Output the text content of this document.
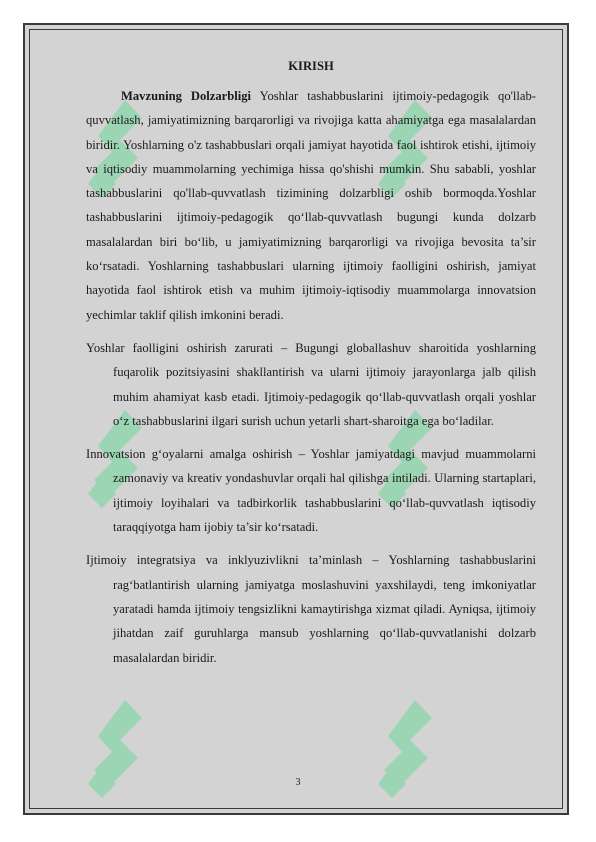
KIRISH

Mavzuning Dolzarbligi Yoshlar tashabbuslarini ijtimoiy-pedagogik qo'llab-quvvatlash, jamiyatimizning barqarorligi va rivojiga katta ahamiyatga ega masalalardan biridir. Yoshlarning o'z tashabbuslari orqali jamiyat hayotida faol ishtirok etishi, ijtimoiy va iqtisodiy muammolarning yechimiga hissa qo'shishi mumkin. Shu sababli, yoshlar tashabbuslarini qo'llab-quvvatlash tizimining dolzarbligi oshib bormoqda.Yoshlar tashabbuslarini ijtimoiy-pedagogik qo‘llab-quvvatlash bugungi kunda dolzarb masalalardan biri bo‘lib, u jamiyatimizning barqarorligi va rivojiga bevosita ta’sir ko‘rsatadi. Yoshlarning tashabbuslari ularning ijtimoiy faolligini oshirish, jamiyat hayotida faol ishtirok etish va muhim ijtimoiy-iqtisodiy muammolarga innovatsion yechimlar taklif qilish imkonini beradi.

Yoshlar faolligini oshirish zarurati – Bugungi globallashuv sharoitida yoshlarning fuqarolik pozitsiyasini shakllantirish va ularni ijtimoiy jarayonlarga jalb qilish muhim ahamiyat kasb etadi. Ijtimoiy-pedagogik qo‘llab-quvvatlash orqali yoshlar o‘z tashabbuslarini ilgari surish uchun yetarli shart-sharoitga ega bo‘ladilar.

Innovatsion g‘oyalarni amalga oshirish – Yoshlar jamiyatdagi mavjud muammolarni zamonaviy va kreativ yondashuvlar orqali hal qilishga intiladi. Ularning startaplari, ijtimoiy loyihalari va tadbirkorlik tashabbuslarini qo‘llab-quvvatlash iqtisodiy taraqqiyotga ham ijobiy ta’sir ko‘rsatadi.

Ijtimoiy integratsiya va inklyuzivlikni ta’minlash – Yoshlarning tashabbuslarini rag‘batlantirish ularning jamiyatga moslashuvini yaxshilaydi, teng imkoniyatlar yaratadi hamda ijtimoiy tengsizlikni kamaytirishga xizmat qiladi. Ayniqsa, ijtimoiy jihatdan zaif guruhlarga mansub yoshlarning qo‘llab-quvvatlanishi dolzarb masalalardan biridir.

3
